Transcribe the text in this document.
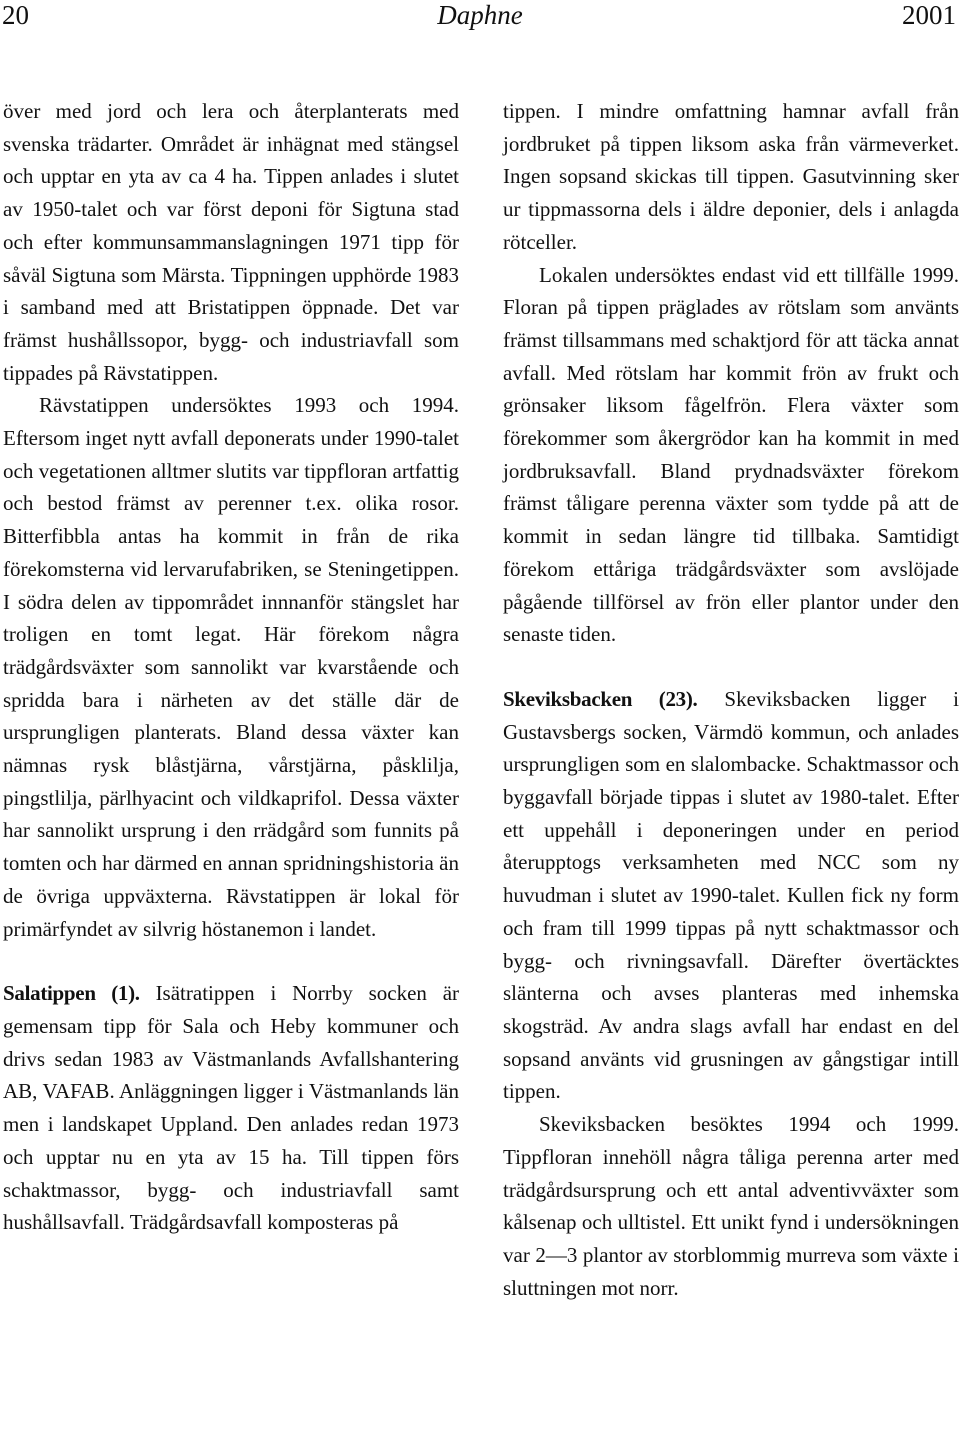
20	Daphne	2001

över med jord och lera och återplanterats med svenska trädarter. Området är inhägnat med stängsel och upptar en yta av ca 4 ha. Tippen anlades i slutet av 1950-talet och var först deponi för Sigtuna stad och efter kommunsammanslagningen 1971 tipp för såväl Sigtuna som Märsta. Tippningen upphörde 1983 i samband med att Bristatippen öppnade. Det var främst hushållssopor, bygg- och industriavfall som tippades på Rävstatippen.

Rävstatippen undersöktes 1993 och 1994. Eftersom inget nytt avfall deponerats under 1990-talet och vegetationen alltmer slutits var tippfloran artfattig och bestod främst av perenner t.ex. olika rosor. Bitterfibbla antas ha kommit in från de rika förekomsterna vid lervarufabriken, se Steningetippen. I södra delen av tippområdet innnanför stängslet har troligen en tomt legat. Här förekom några trädgårdsväxter som sannolikt var kvarstående och spridda bara i närheten av det ställe där de ursprungligen planterats. Bland dessa växter kan nämnas rysk blåstjärna, vårstjärna, påsklilja, pingstlilja, pärlhyacint och vildkaprifol. Dessa växter har sannolikt ursprung i den rrädgård som funnits på tomten och har därmed en annan spridningshistoria än de övriga uppväxterna. Rävstatippen är lokal för primärfyndet av silvrig höstanemon i landet.

Salatippen (1). Isätratippen i Norrby socken är gemensam tipp för Sala och Heby kommuner och drivs sedan 1983 av Västmanlands Avfallshantering AB, VAFAB. Anläggningen ligger i Västmanlands län men i landskapet Uppland. Den anlades redan 1973 och upptar nu en yta av 15 ha. Till tippen förs schaktmassor, bygg- och industriavfall samt hushållsavfall. Trädgårdsavfall komposteras på

tippen. I mindre omfattning hamnar avfall från jordbruket på tippen liksom aska från värmeverket. Ingen sopsand skickas till tippen. Gasutvinning sker ur tippmassorna dels i äldre deponier, dels i anlagda rötceller.

Lokalen undersöktes endast vid ett tillfälle 1999. Floran på tippen präglades av rötslam som använts främst tillsammans med schaktjord för att täcka annat avfall. Med rötslam har kommit frön av frukt och grönsaker liksom fågelfrön. Flera växter som förekommer som åkergrödor kan ha kommit in med jordbruksavfall. Bland prydnadsväxter förekom främst tåligare perenna växter som tydde på att de kommit in sedan längre tid tillbaka. Samtidigt förekom ettåriga trädgårdsväxter som avslöjade pågående tillförsel av frön eller plantor under den senaste tiden.

Skeviksbacken (23). Skeviksbacken ligger i Gustavsbergs socken, Värmdö kommun, och anlades ursprungligen som en slalombacke. Schaktmassor och byggavfall började tippas i slutet av 1980-talet. Efter ett uppehåll i deponeringen under en period återupptogs verksamheten med NCC som ny huvudman i slutet av 1990-talet. Kullen fick ny form och fram till 1999 tippas på nytt schaktmassor och bygg- och rivningsavfall. Därefter övertäcktes slänterna och avses planteras med inhemska skogsträd. Av andra slags avfall har endast en del sopsand använts vid grusningen av gångstigar intill tippen.

Skeviksbacken besöktes 1994 och 1999. Tippfloran innehöll några tåliga perenna arter med trädgårdsursprung och ett antal adventivväxter som kålsenap och ulltistel. Ett unikt fynd i undersökningen var 2—3 plantor av storblommig murreva som växte i sluttningen mot norr.
